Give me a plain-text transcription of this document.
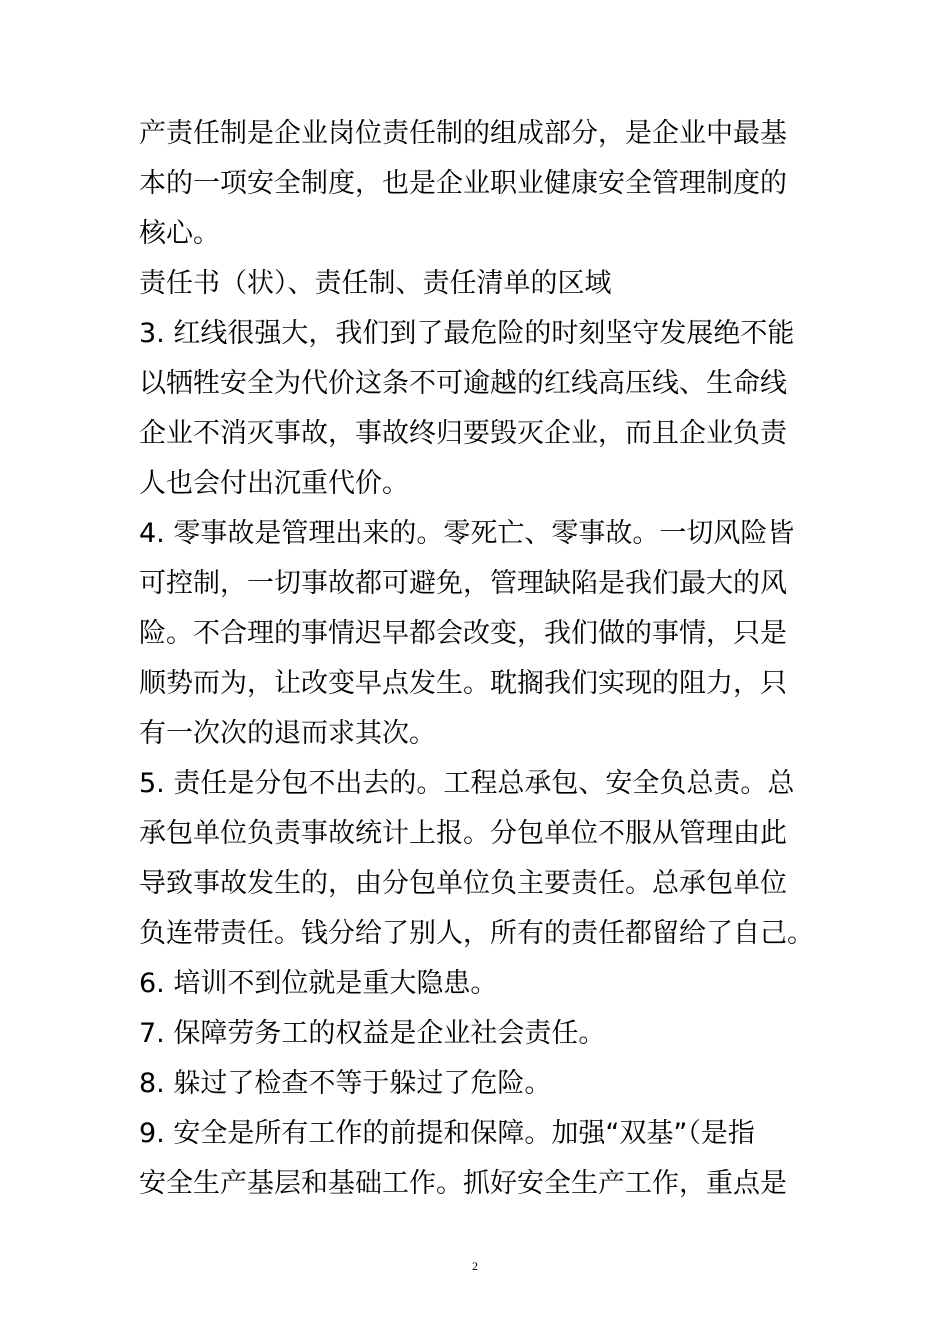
产责任制是企业岗位责任制的组成部分，是企业中最基
本的一项安全制度，也是企业职业健康安全管理制度的
核心。
责任书（状）、责任制、责任清单的区域
3. 红线很强大，我们到了最危险的时刻坚守发展绝不能
以牺牲安全为代价这条不可逾越的红线高压线、生命线
企业不消灭事故，事故终归要毁灭企业，而且企业负责
人也会付出沉重代价。
4. 零事故是管理出来的。零死亡、零事故。一切风险皆
可控制，一切事故都可避免，管理缺陷是我们最大的风
险。不合理的事情迟早都会改变，我们做的事情，只是
顺势而为，让改变早点发生。耽搁我们实现的阻力，只
有一次次的退而求其次。
5. 责任是分包不出去的。工程总承包、安全负总责。总
承包单位负责事故统计上报。分包单位不服从管理由此
导致事故发生的，由分包单位负主要责任。总承包单位
负连带责任。钱分给了别人，所有的责任都留给了自己。
6. 培训不到位就是重大隐患。
7. 保障劳务工的权益是企业社会责任。
8. 躲过了检查不等于躲过了危险。
9. 安全是所有工作的前提和保障。加强“双基”（是指
安全生产基层和基础工作。抓好安全生产工作，重点是
2
